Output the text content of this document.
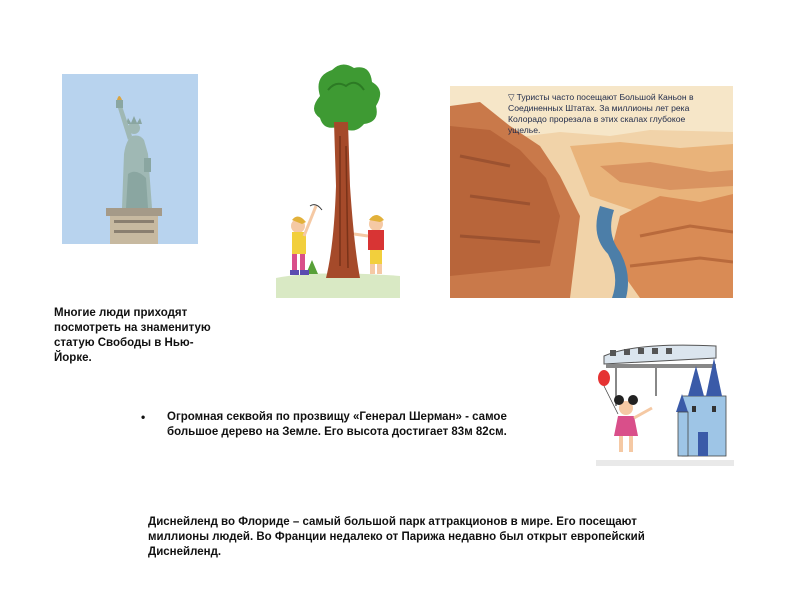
▽ Туристы часто посещают Большой Каньон в Соединенных Штатах. За миллионы лет река Колорадо прорезала в этих скалах глубокое ущелье.
Многие люди приходят посмотреть на знаменитую статую Свободы в Нью-Йорке.
• Огромная секвойя по прозвищу «Генерал Шерман» - самое большое дерево на Земле. Его высота достигает 83м 82см.
Диснейленд во Флориде – самый большой парк аттракционов в мире. Его посещают миллионы людей. Во Франции недалеко от Парижа недавно был открыт европейский Диснейленд.
